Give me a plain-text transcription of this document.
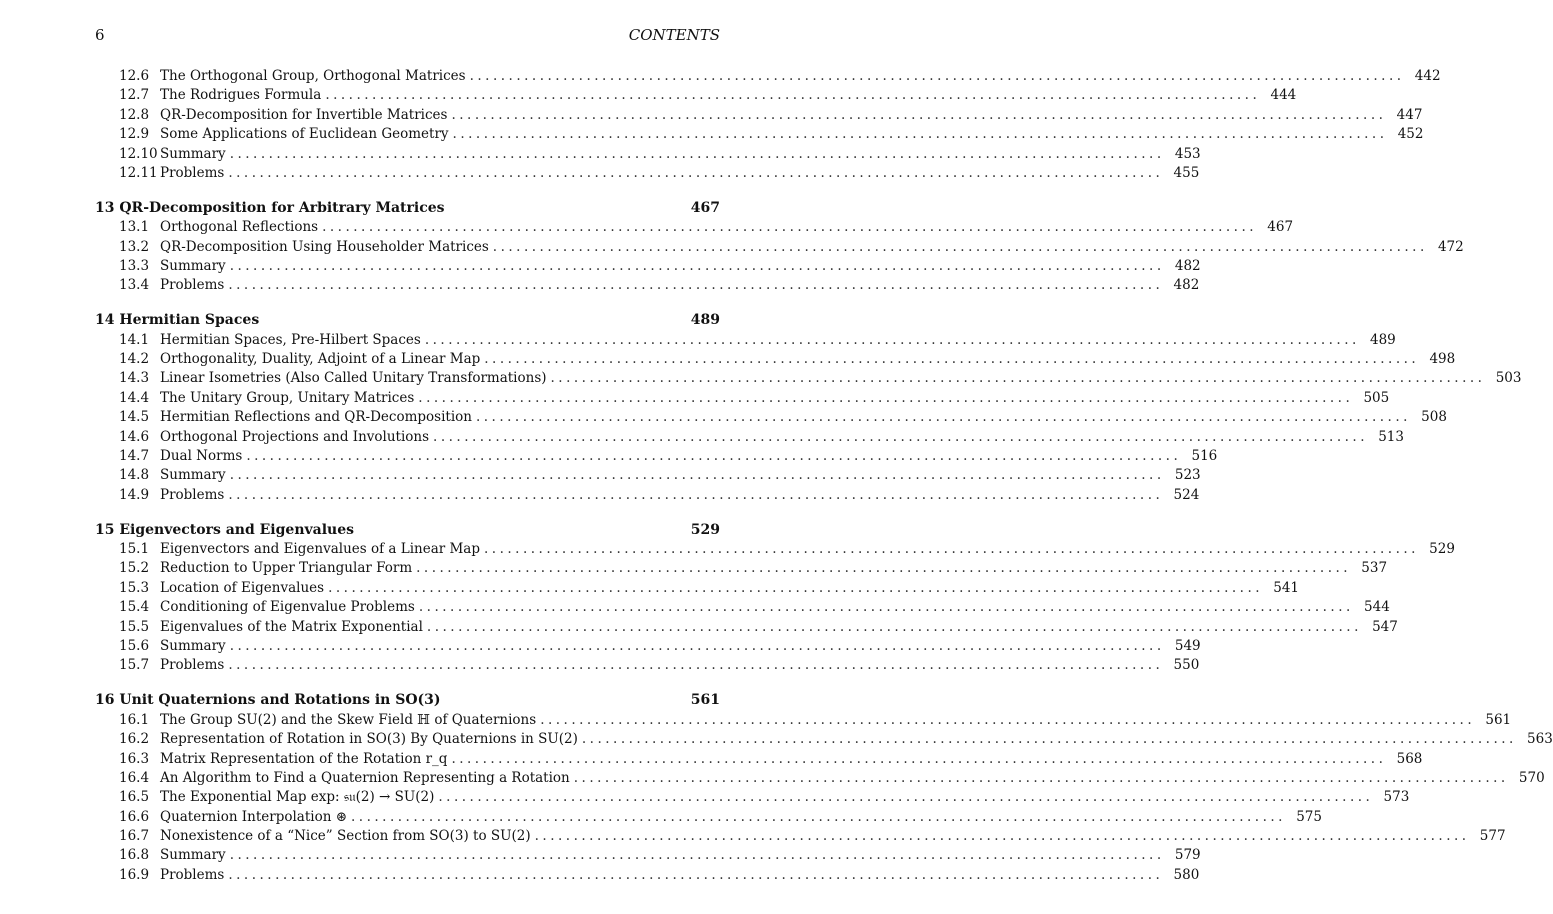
6	CONTENTS
12.6 The Orthogonal Group, Orthogonal Matrices ........................................................................................................................ 442
12.7 The Rodrigues Formula ........................................................................................................................ 444
12.8 QR-Decomposition for Invertible Matrices ........................................................................................................................ 447
12.9 Some Applications of Euclidean Geometry ........................................................................................................................ 452
12.10 Summary ........................................................................................................................ 453
12.11 Problems ........................................................................................................................ 455
13 QR-Decomposition for Arbitrary Matrices	467
13.1 Orthogonal Reflections ........................................................................................................................ 467
13.2 QR-Decomposition Using Householder Matrices ........................................................................................................................ 472
13.3 Summary ........................................................................................................................ 482
13.4 Problems ........................................................................................................................ 482
14 Hermitian Spaces	489
14.1 Hermitian Spaces, Pre-Hilbert Spaces ........................................................................................................................ 489
14.2 Orthogonality, Duality, Adjoint of a Linear Map ........................................................................................................................ 498
14.3 Linear Isometries (Also Called Unitary Transformations) ........................................................................................................................ 503
14.4 The Unitary Group, Unitary Matrices ........................................................................................................................ 505
14.5 Hermitian Reflections and QR-Decomposition ........................................................................................................................ 508
14.6 Orthogonal Projections and Involutions ........................................................................................................................ 513
14.7 Dual Norms ........................................................................................................................ 516
14.8 Summary ........................................................................................................................ 523
14.9 Problems ........................................................................................................................ 524
15 Eigenvectors and Eigenvalues	529
15.1 Eigenvectors and Eigenvalues of a Linear Map ........................................................................................................................ 529
15.2 Reduction to Upper Triangular Form ........................................................................................................................ 537
15.3 Location of Eigenvalues ........................................................................................................................ 541
15.4 Conditioning of Eigenvalue Problems ........................................................................................................................ 544
15.5 Eigenvalues of the Matrix Exponential ........................................................................................................................ 547
15.6 Summary ........................................................................................................................ 549
15.7 Problems ........................................................................................................................ 550
16 Unit Quaternions and Rotations in SO(3)	561
16.1 The Group SU(2) and the Skew Field ℍ of Quaternions ........................................................................................................................ 561
16.2 Representation of Rotation in SO(3) By Quaternions in SU(2) ........................................................................................................................ 563
16.3 Matrix Representation of the Rotation r_q ........................................................................................................................ 568
16.4 An Algorithm to Find a Quaternion Representing a Rotation ........................................................................................................................ 570
16.5 The Exponential Map exp: 𝔰𝔲(2) → SU(2) ........................................................................................................................ 573
16.6 Quaternion Interpolation ⊛ ........................................................................................................................ 575
16.7 Nonexistence of a “Nice” Section from SO(3) to SU(2) ........................................................................................................................ 577
16.8 Summary ........................................................................................................................ 579
16.9 Problems ........................................................................................................................ 580
